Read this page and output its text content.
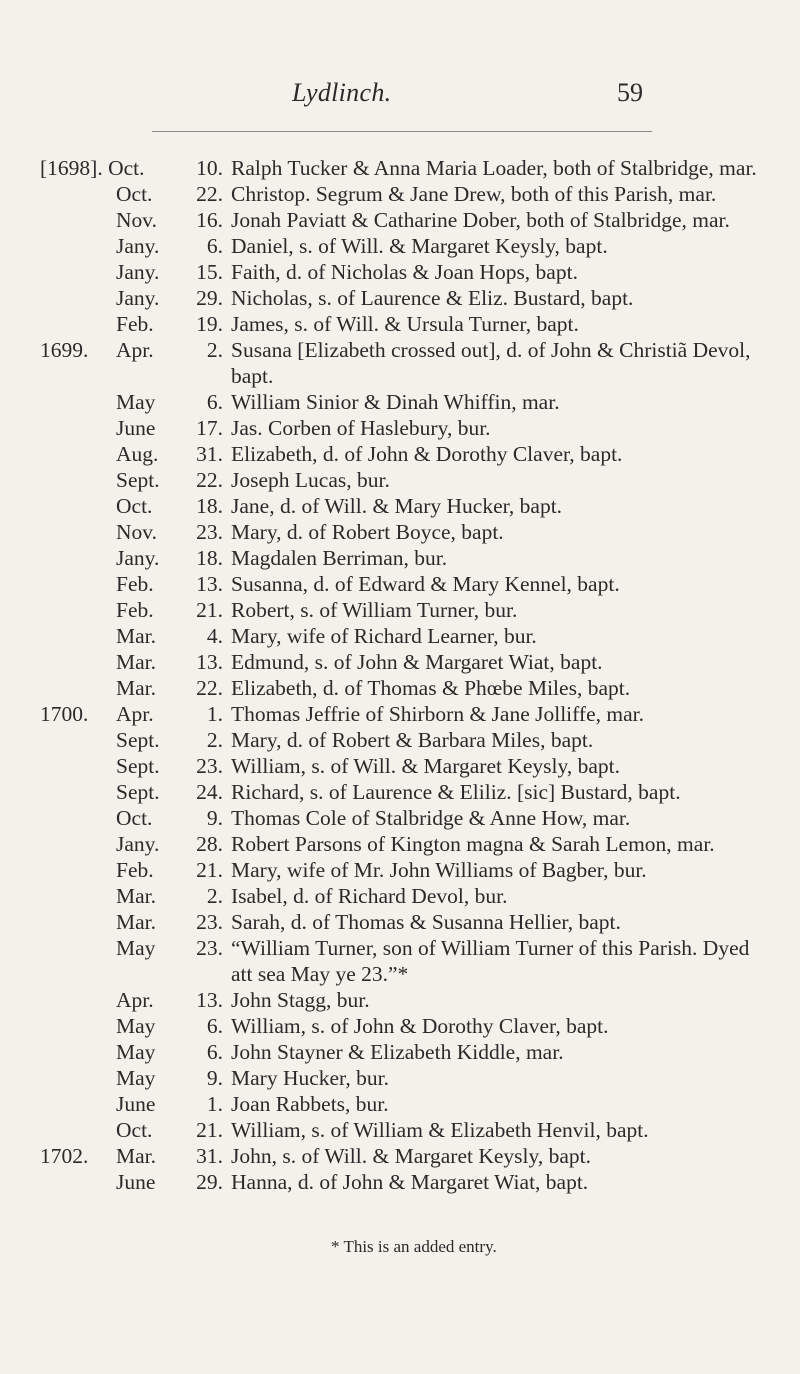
Lydlinch.	59
[1698]. Oct.	10. Ralph Tucker & Anna Maria Loader, both of Stalbridge, mar.
Oct.	22. Christop. Segrum & Jane Drew, both of this Parish, mar.
Nov.	16. Jonah Paviatt & Catharine Dober, both of Stalbridge, mar.
Jany.	6. Daniel, s. of Will. & Margaret Keysly, bapt.
Jany.	15. Faith, d. of Nicholas & Joan Hops, bapt.
Jany.	29. Nicholas, s. of Laurence & Eliz. Bustard, bapt.
Feb.	19. James, s. of Will. & Ursula Turner, bapt.
1699.	Apr.	2. Susana [Elizabeth crossed out], d. of John & Christiã Devol, bapt.
May	6. William Sinior & Dinah Whiffin, mar.
June	17. Jas. Corben of Haslebury, bur.
Aug.	31. Elizabeth, d. of John & Dorothy Claver, bapt.
Sept.	22. Joseph Lucas, bur.
Oct.	18. Jane, d. of Will. & Mary Hucker, bapt.
Nov.	23. Mary, d. of Robert Boyce, bapt.
Jany.	18. Magdalen Berriman, bur.
Feb.	13. Susanna, d. of Edward & Mary Kennel, bapt.
Feb.	21. Robert, s. of William Turner, bur.
Mar.	4. Mary, wife of Richard Learner, bur.
Mar.	13. Edmund, s. of John & Margaret Wiat, bapt.
Mar.	22. Elizabeth, d. of Thomas & Phœbe Miles, bapt.
1700.	Apr.	1. Thomas Jeffrie of Shirborn & Jane Jolliffe, mar.
Sept.	2. Mary, d. of Robert & Barbara Miles, bapt.
Sept.	23. William, s. of Will. & Margaret Keysly, bapt.
Sept.	24. Richard, s. of Laurence & Eliliz. [sic] Bustard, bapt.
Oct.	9. Thomas Cole of Stalbridge & Anne How, mar.
Jany.	28. Robert Parsons of Kington magna & Sarah Lemon, mar.
Feb.	21. Mary, wife of Mr. John Williams of Bagber, bur.
Mar.	2. Isabel, d. of Richard Devol, bur.
Mar.	23. Sarah, d. of Thomas & Susanna Hellier, bapt.
May	23. “William Turner, son of William Turner of this Parish. Dyed att sea May ye 23.”*
Apr.	13. John Stagg, bur.
May	6. William, s. of John & Dorothy Claver, bapt.
May	6. John Stayner & Elizabeth Kiddle, mar.
May	9. Mary Hucker, bur.
June	1. Joan Rabbets, bur.
Oct.	21. William, s. of William & Elizabeth Henvil, bapt.
1702.	Mar.	31. John, s. of Will. & Margaret Keysly, bapt.
June	29. Hanna, d. of John & Margaret Wiat, bapt.
* This is an added entry.
